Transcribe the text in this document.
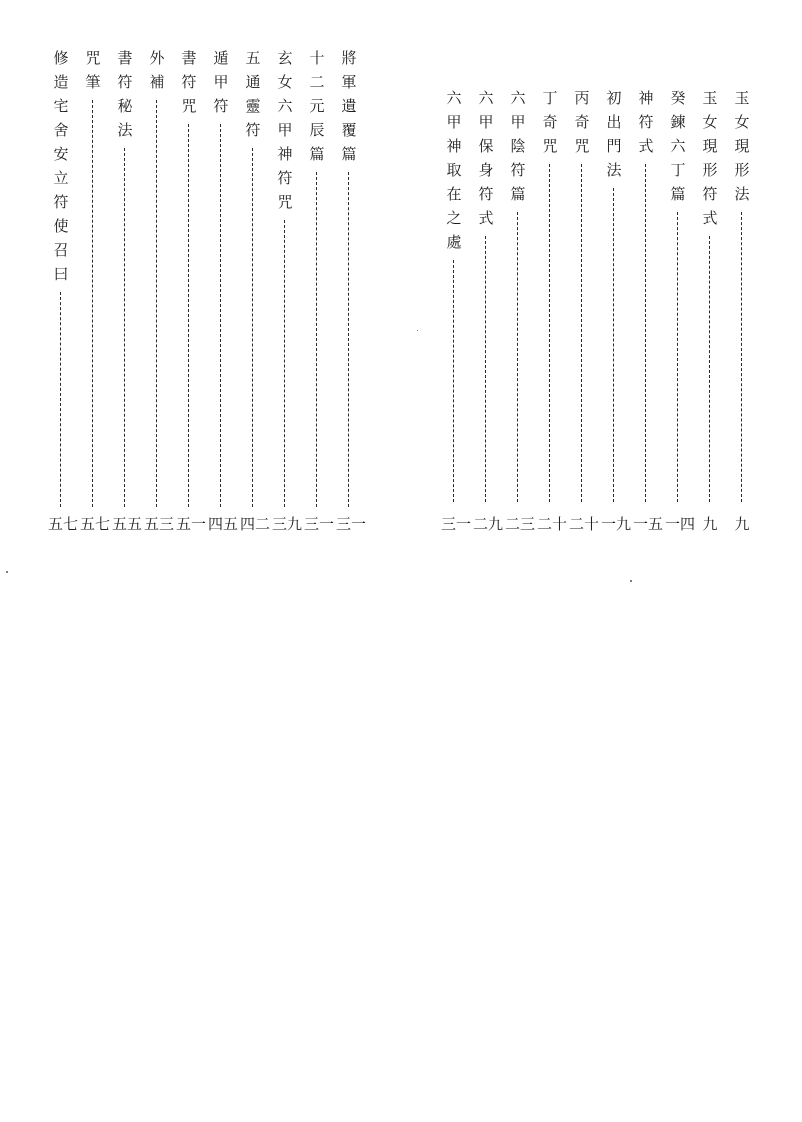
將軍遺覆篇
三一
十二元辰篇
三一
玄女六甲神符咒
三九
五通靈符
四二
遁甲符
四五
書符咒
五一
外補
五三
書符秘法
五五
咒筆
五七
修造宅舍安立符使召曰
五七
玉女現形法
九
玉女現形符式
九
癸鍊六丁篇
一四
神符式
一五
初出門法
一九
丙奇咒
二十
丁奇咒
二十
六甲陰符篇
二三
六甲保身符式
二九
六甲神取在之處
三一
